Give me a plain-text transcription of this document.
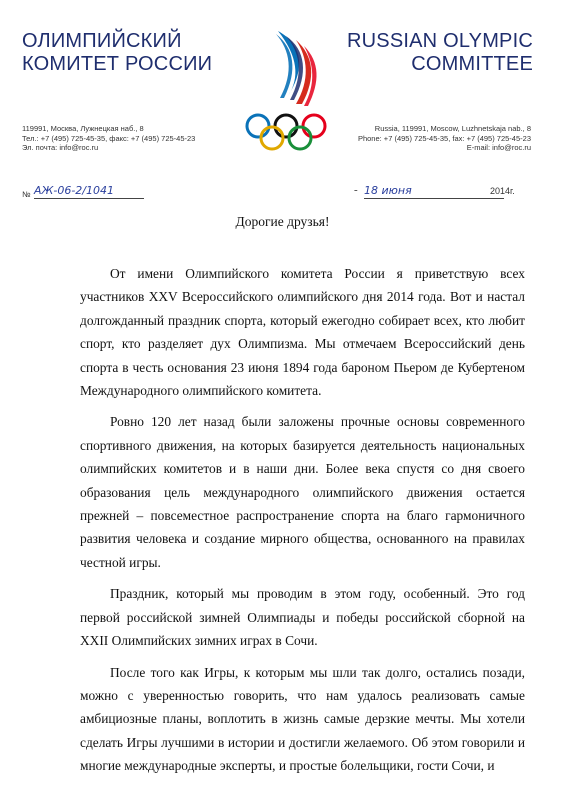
ОЛИМПИЙСКИЙ
КОМИТЕТ РОССИИ
RUSSIAN OLYMPIC
COMMITTEE
119991, Москва, Лужнецкая наб., 8
Тел.: +7 (495) 725-45-35, факс: +7 (495) 725-45-23
Эл. почта: info@roc.ru
Russia, 119991, Moscow, Luzhnetskaja nab., 8
Phone: +7 (495) 725-45-35, fax: +7 (495) 725-45-23
E-mail: info@roc.ru
№ АЖ-06-2/1041	- 18 июня	2014г.
Дорогие друзья!

От имени Олимпийского комитета России я приветствую всех участников XXV Всероссийского олимпийского дня 2014 года. Вот и настал долгожданный праздник спорта, который ежегодно собирает всех, кто любит спорт, кто разделяет дух Олимпизма. Мы отмечаем Всероссийский день спорта в честь основания 23 июня 1894 года бароном Пьером де Кубертеном Международного олимпийского комитета.

Ровно 120 лет назад были заложены прочные основы современного спортивного движения, на которых базируется деятельность национальных олимпийских комитетов и в наши дни. Более века спустя со дня своего образования цель международного олимпийского движения остается прежней – повсеместное распространение спорта на благо гармоничного развития человека и создание мирного общества, основанного на правилах честной игры.

Праздник, который мы проводим в этом году, особенный. Это год первой российской зимней Олимпиады и победы российской сборной на XXII Олимпийских зимних играх в Сочи.

После того как Игры, к которым мы шли так долго, остались позади, можно с уверенностью говорить, что нам удалось реализовать самые амбициозные планы, воплотить в жизнь самые дерзкие мечты. Мы хотели сделать Игры лучшими в истории и достигли желаемого. Об этом говорили и многие международные эксперты, и простые болельщики, гости Сочи, и
